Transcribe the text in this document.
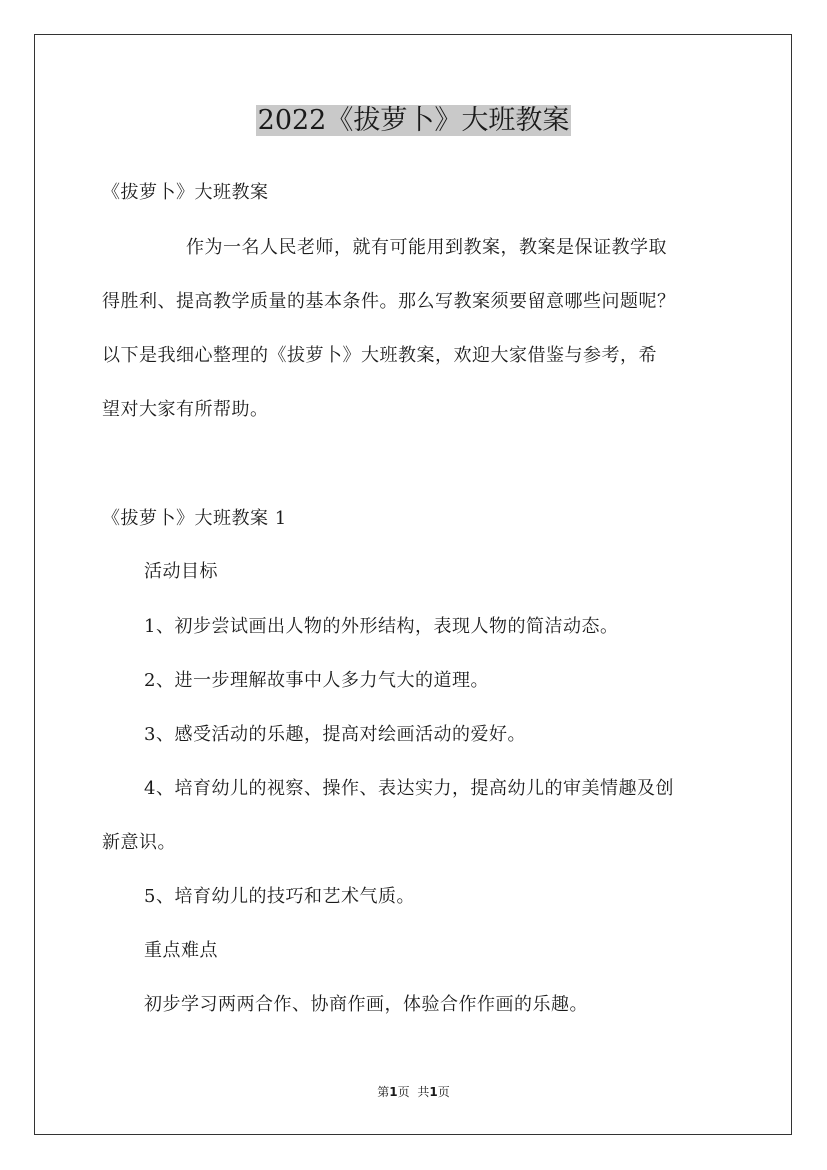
2022《拔萝卜》大班教案
《拔萝卜》大班教案
作为一名人民老师，就有可能用到教案，教案是保证教学取
得胜利、提高教学质量的基本条件。那么写教案须要留意哪些问题呢？
以下是我细心整理的《拔萝卜》大班教案，欢迎大家借鉴与参考，希
望对大家有所帮助。
《拔萝卜》大班教案 1
活动目标
1、初步尝试画出人物的外形结构，表现人物的简洁动态。
2、进一步理解故事中人多力气大的道理。
3、感受活动的乐趣，提高对绘画活动的爱好。
4、培育幼儿的视察、操作、表达实力，提高幼儿的审美情趣及创
新意识。
5、培育幼儿的技巧和艺术气质。
重点难点
初步学习两两合作、协商作画，体验合作作画的乐趣。
第1页 共1页
